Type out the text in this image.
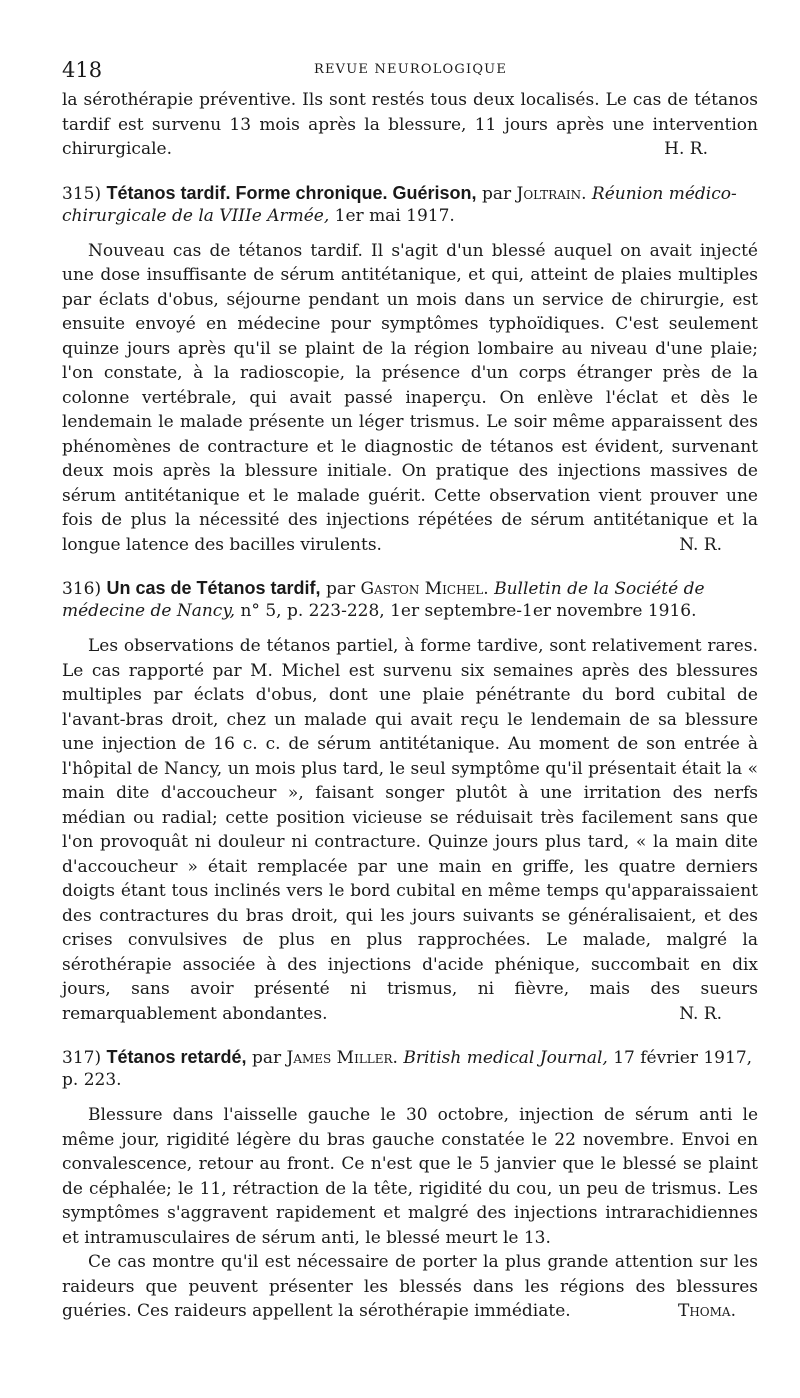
418	REVUE NEUROLOGIQUE

la sérothérapie préventive. Ils sont restés tous deux localisés. Le cas de tétanos tardif est survenu 13 mois après la blessure, 11 jours après une intervention chirurgicale.	H. R.

315) Tétanos tardif. Forme chronique. Guérison, par Joltrain. Réunion médico-chirurgicale de la VIIIe Armée, 1er mai 1917.

Nouveau cas de tétanos tardif. Il s'agit d'un blessé auquel on avait injecté une dose insuffisante de sérum antitétanique, et qui, atteint de plaies multiples par éclats d'obus, séjourne pendant un mois dans un service de chirurgie, est ensuite envoyé en médecine pour symptômes typhoïdiques. C'est seulement quinze jours après qu'il se plaint de la région lombaire au niveau d'une plaie; l'on constate, à la radioscopie, la présence d'un corps étranger près de la colonne vertébrale, qui avait passé inaperçu. On enlève l'éclat et dès le lendemain le malade présente un léger trismus. Le soir même apparaissent des phénomènes de contracture et le diagnostic de tétanos est évident, survenant deux mois après la blessure initiale. On pratique des injections massives de sérum antitétanique et le malade guérit. Cette observation vient prouver une fois de plus la nécessité des injections répétées de sérum antitétanique et la longue latence des bacilles virulents.	N. R.

316) Un cas de Tétanos tardif, par Gaston Michel. Bulletin de la Société de médecine de Nancy, n° 5, p. 223-228, 1er septembre-1er novembre 1916.

Les observations de tétanos partiel, à forme tardive, sont relativement rares. Le cas rapporté par M. Michel est survenu six semaines après des blessures multiples par éclats d'obus, dont une plaie pénétrante du bord cubital de l'avant-bras droit, chez un malade qui avait reçu le lendemain de sa blessure une injection de 16 c. c. de sérum antitétanique. Au moment de son entrée à l'hôpital de Nancy, un mois plus tard, le seul symptôme qu'il présentait était la « main dite d'accoucheur », faisant songer plutôt à une irritation des nerfs médian ou radial; cette position vicieuse se réduisait très facilement sans que l'on provoquât ni douleur ni contracture. Quinze jours plus tard, « la main dite d'accoucheur » était remplacée par une main en griffe, les quatre derniers doigts étant tous inclinés vers le bord cubital en même temps qu'apparaissaient des contractures du bras droit, qui les jours suivants se généralisaient, et des crises convulsives de plus en plus rapprochées. Le malade, malgré la sérothérapie associée à des injections d'acide phénique, succombait en dix jours, sans avoir présenté ni trismus, ni fièvre, mais des sueurs remarquablement abondantes.	N. R.

317) Tétanos retardé, par James Miller. British medical Journal, 17 février 1917, p. 223.

Blessure dans l'aisselle gauche le 30 octobre, injection de sérum anti le même jour, rigidité légère du bras gauche constatée le 22 novembre. Envoi en convalescence, retour au front. Ce n'est que le 5 janvier que le blessé se plaint de céphalée; le 11, rétraction de la tête, rigidité du cou, un peu de trismus. Les symptômes s'aggravent rapidement et malgré des injections intrarachidiennes et intramusculaires de sérum anti, le blessé meurt le 13.

Ce cas montre qu'il est nécessaire de porter la plus grande attention sur les raideurs que peuvent présenter les blessés dans les régions des blessures guéries. Ces raideurs appellent la sérothérapie immédiate.	Thoma.
